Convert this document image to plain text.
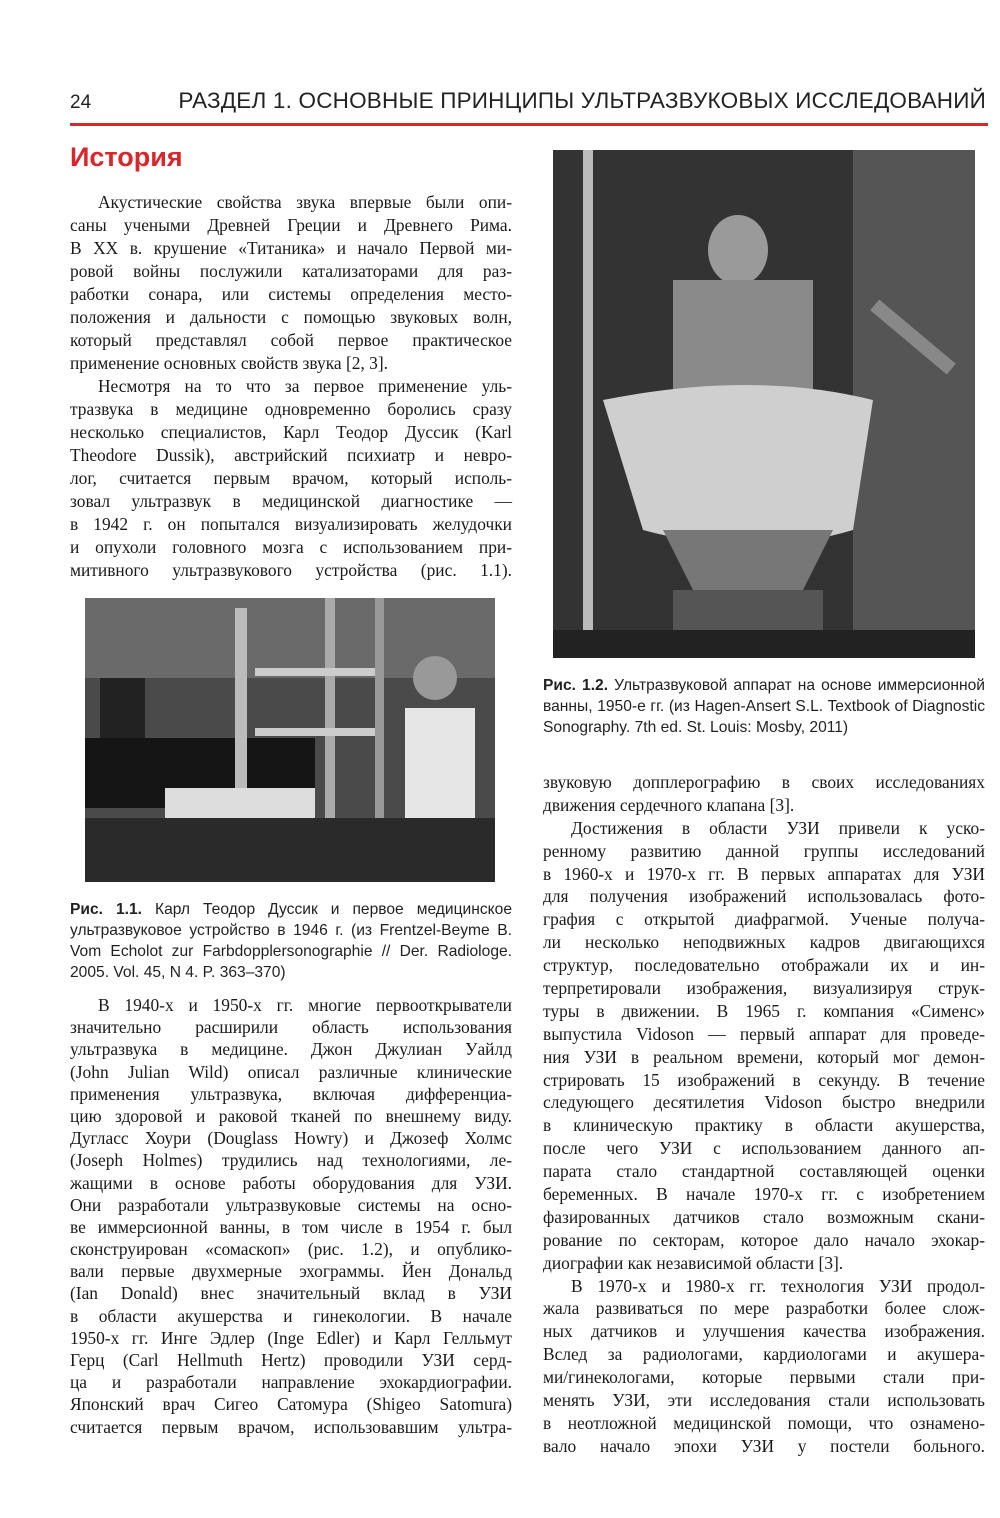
24	РАЗДЕЛ 1. ОСНОВНЫЕ ПРИНЦИПЫ УЛЬТРАЗВУКОВЫХ ИССЛЕДОВАНИЙ
История
Акустические свойства звука впервые были опи-
саны учеными Древней Греции и Древнего Рима.
В XX в. крушение «Титаника» и начало Первой ми-
ровой войны послужили катализаторами для раз-
работки сонара, или системы определения место-
положения и дальности с помощью звуковых волн,
который представлял собой первое практическое
применение основных свойств звука [2, 3].
Несмотря на то что за первое применение уль-
тразвука в медицине одновременно боролись сразу
несколько специалистов, Карл Теодор Дуссик (Karl
Theodore Dussik), австрийский психиатр и невро-
лог, считается первым врачом, который исполь-
зовал ультразвук в медицинской диагностике —
в 1942 г. он попытался визуализировать желудочки
и опухоли головного мозга с использованием при-
митивного ультразвукового устройства (рис. 1.1).
Рис. 1.1. Карл Теодор Дуссик и первое медицинское ультразвуковое устройство в 1946 г. (из Frentzel-Beyme B. Vom Echolot zur Farbdopplersonographie // Der. Radiologe. 2005. Vol. 45, N 4. P. 363–370)
В 1940-х и 1950-х гг. многие первооткрыватели
значительно расширили область использования
ультразвука в медицине. Джон Джулиан Уайлд
(John Julian Wild) описал различные клинические
применения ультразвука, включая дифференциа-
цию здоровой и раковой тканей по внешнему виду.
Дугласс Хоури (Douglass Howry) и Джозеф Холмс
(Joseph Holmes) трудились над технологиями, ле-
жащими в основе работы оборудования для УЗИ.
Они разработали ультразвуковые системы на осно-
ве иммерсионной ванны, в том числе в 1954 г. был
сконструирован «сомаскоп» (рис. 1.2), и опублико-
вали первые двухмерные эхограммы. Йен Дональд
(Ian Donald) внес значительный вклад в УЗИ
в области акушерства и гинекологии. В начале
1950-х гг. Инге Эдлер (Inge Edler) и Карл Гелльмут
Герц (Carl Hellmuth Hertz) проводили УЗИ серд-
ца и разработали направление эхокардиографии.
Японский врач Сигео Сатомура (Shigeo Satomura)
считается первым врачом, использовавшим ультра-
Рис. 1.2. Ультразвуковой аппарат на основе иммерсионной ванны, 1950-е гг. (из Hagen-Ansert S.L. Textbook of Diagnostic Sonography. 7th ed. St. Louis: Mosby, 2011)
звуковую допплерографию в своих исследованиях
движения сердечного клапана [3].
Достижения в области УЗИ привели к уско-
ренному развитию данной группы исследований
в 1960-х и 1970-х гг. В первых аппаратах для УЗИ
для получения изображений использовалась фото-
графия с открытой диафрагмой. Ученые получа-
ли несколько неподвижных кадров двигающихся
структур, последовательно отображали их и ин-
терпретировали изображения, визуализируя струк-
туры в движении. В 1965 г. компания «Сименс»
выпустила Vidoson — первый аппарат для проведе-
ния УЗИ в реальном времени, который мог демон-
стрировать 15 изображений в секунду. В течение
следующего десятилетия Vidoson быстро внедрили
в клиническую практику в области акушерства,
после чего УЗИ с использованием данного ап-
парата стало стандартной составляющей оценки
беременных. В начале 1970-х гг. с изобретением
фазированных датчиков стало возможным скани-
рование по секторам, которое дало начало эхокар-
диографии как независимой области [3].
В 1970-х и 1980-х гг. технология УЗИ продол-
жала развиваться по мере разработки более слож-
ных датчиков и улучшения качества изображения.
Вслед за радиологами, кардиологами и акушера-
ми/гинекологами, которые первыми стали при-
менять УЗИ, эти исследования стали использовать
в неотложной медицинской помощи, что ознамено-
вало начало эпохи УЗИ у постели больного.
